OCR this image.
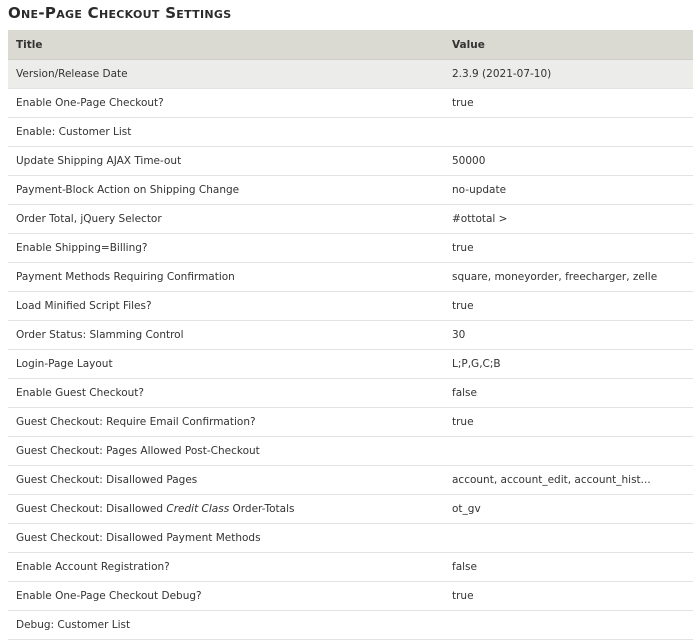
One-Page Checkout Settings
Title	Value
Version/Release Date	2.3.9 (2021-07-10)
Enable One-Page Checkout?	true
Enable: Customer List	
Update Shipping AJAX Time-out	50000
Payment-Block Action on Shipping Change	no-update
Order Total, jQuery Selector	#ottotal >
Enable Shipping=Billing?	true
Payment Methods Requiring Confirmation	square, moneyorder, freecharger, zelle
Load Minified Script Files?	true
Order Status: Slamming Control	30
Login-Page Layout	L;P,G,C;B
Enable Guest Checkout?	false
Guest Checkout: Require Email Confirmation?	true
Guest Checkout: Pages Allowed Post-Checkout	
Guest Checkout: Disallowed Pages	account, account_edit, account_hist...
Guest Checkout: Disallowed Credit Class Order-Totals	ot_gv
Guest Checkout: Disallowed Payment Methods	
Enable Account Registration?	false
Enable One-Page Checkout Debug?	true
Debug: Customer List	
